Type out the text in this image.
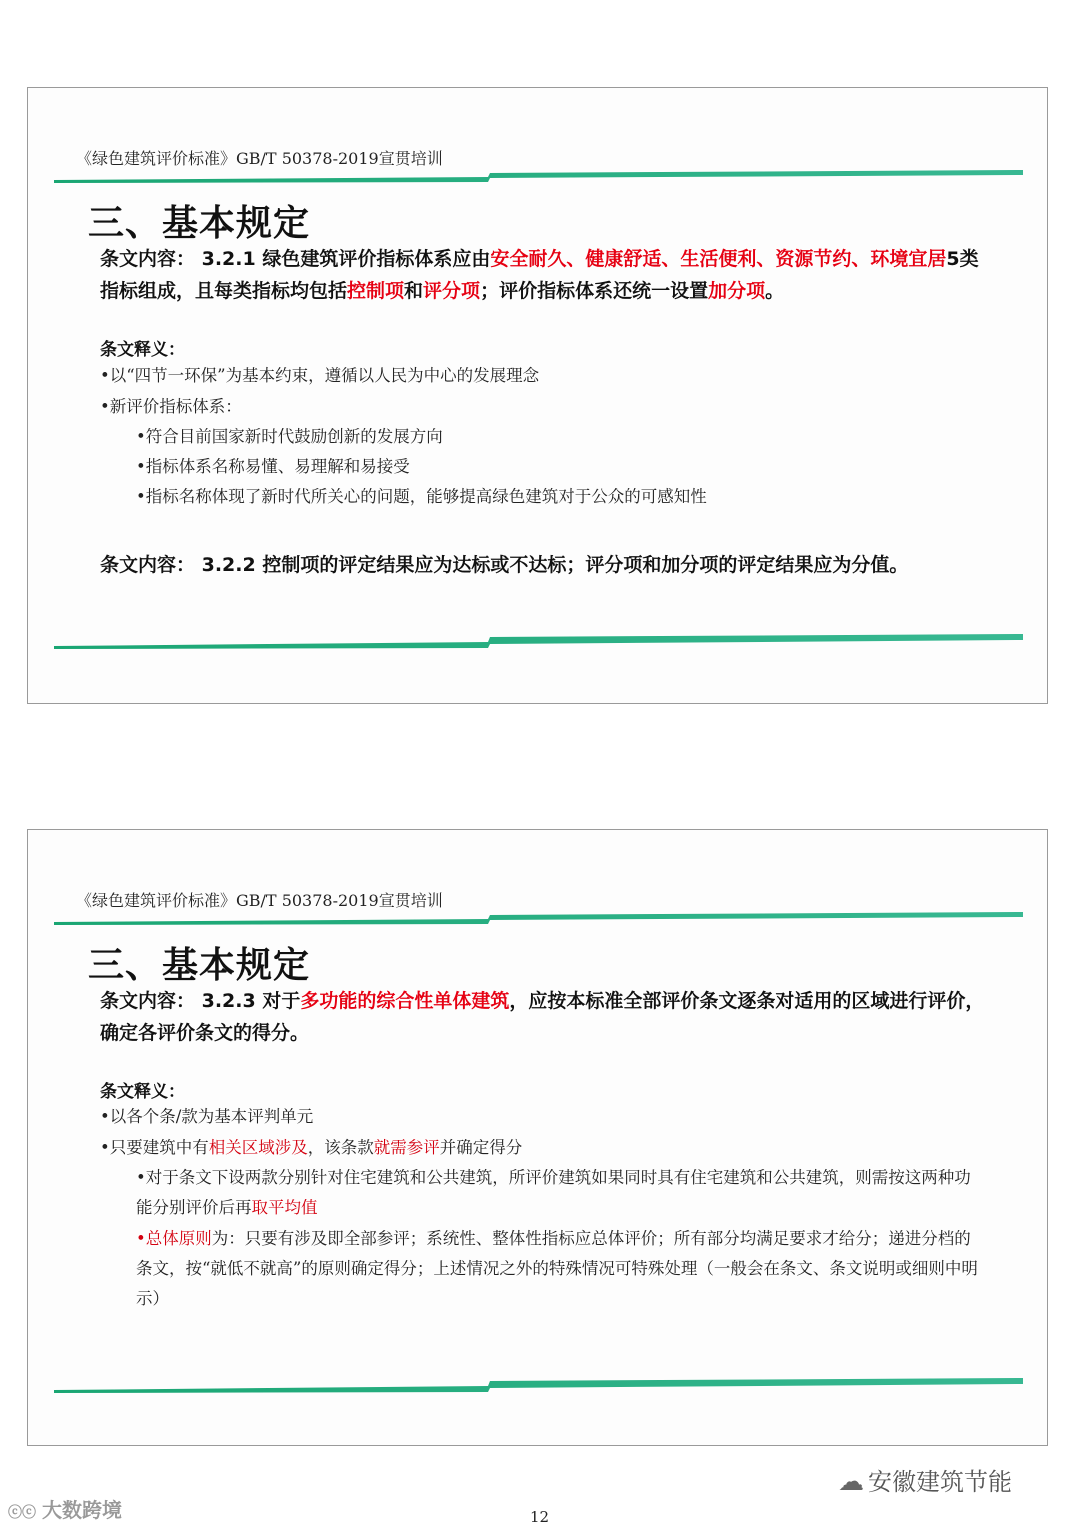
《绿色建筑评价标准》GB/T 50378-2019宣贯培训
三、基本规定
条文内容： 3.2.1 绿色建筑评价指标体系应由安全耐久、健康舒适、生活便利、资源节约、环境宜居5类指标组成，且每类指标均包括控制项和评分项；评价指标体系还统一设置加分项。
条文释义：
•以“四节一环保”为基本约束，遵循以人民为中心的发展理念
•新评价指标体系：
•符合目前国家新时代鼓励创新的发展方向
•指标体系名称易懂、易理解和易接受
•指标名称体现了新时代所关心的问题，能够提高绿色建筑对于公众的可感知性
条文内容： 3.2.2 控制项的评定结果应为达标或不达标；评分项和加分项的评定结果应为分值。
《绿色建筑评价标准》GB/T 50378-2019宣贯培训
三、基本规定
条文内容： 3.2.3 对于多功能的综合性单体建筑，应按本标准全部评价条文逐条对适用的区域进行评价，确定各评价条文的得分。
条文释义：
•以各个条/款为基本评判单元
•只要建筑中有相关区域涉及，该条款就需参评并确定得分
•对于条文下设两款分别针对住宅建筑和公共建筑，所评价建筑如果同时具有住宅建筑和公共建筑，则需按这两种功能分别评价后再取平均值
•总体原则为：只要有涉及即全部参评；系统性、整体性指标应总体评价；所有部分均满足要求才给分；递进分档的条文，按“就低不就高”的原则确定得分；上述情况之外的特殊情况可特殊处理（一般会在条文、条文说明或细则中明示）
☁ 安徽建筑节能
ⓒⓒ 大数跨境	12
